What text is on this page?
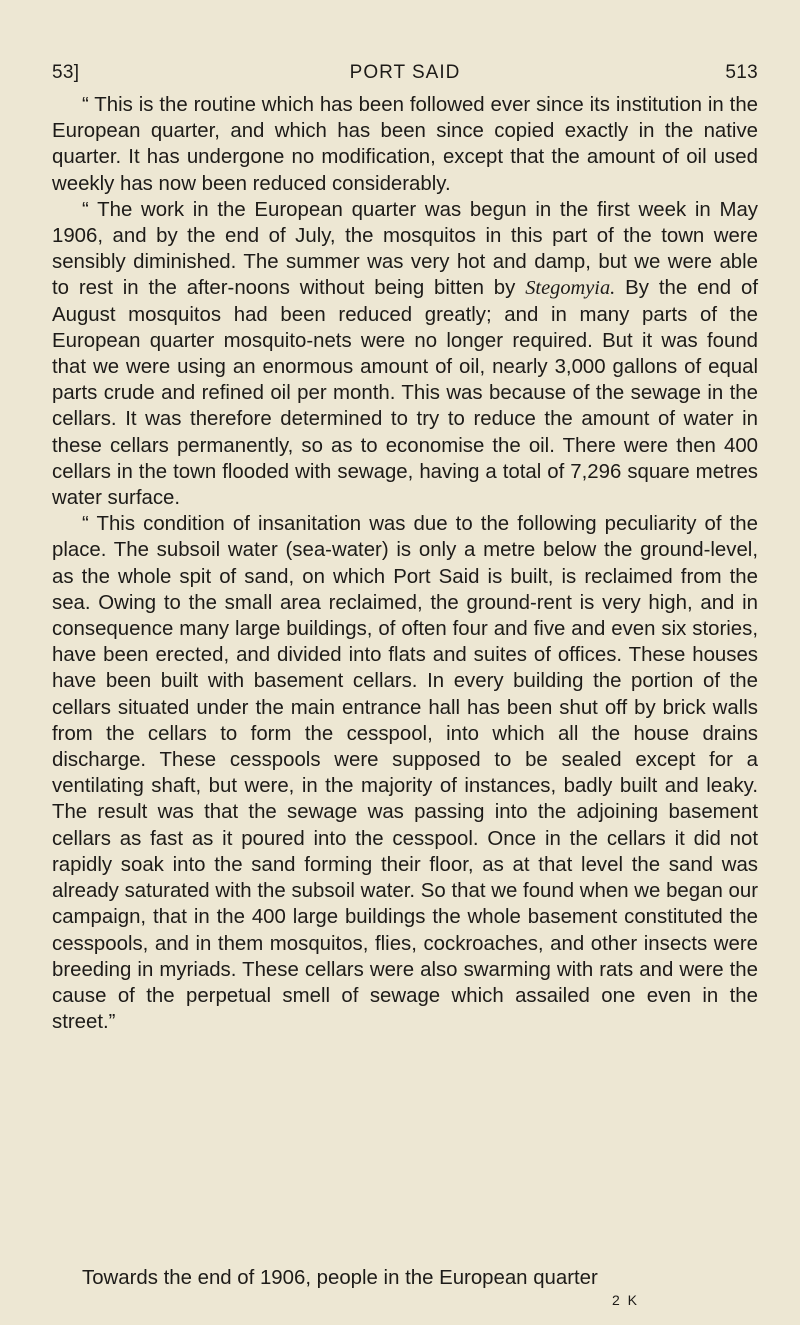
53]	PORT SAID	513

“ This is the routine which has been followed ever since its institution in the European quarter, and which has been since copied exactly in the native quarter. It has undergone no modification, except that the amount of oil used weekly has now been reduced considerably.

“ The work in the European quarter was begun in the first week in May 1906, and by the end of July, the mosquitos in this part of the town were sensibly diminished. The summer was very hot and damp, but we were able to rest in the after-noons without being bitten by Stegomyia. By the end of August mosquitos had been reduced greatly; and in many parts of the European quarter mosquito-nets were no longer required. But it was found that we were using an enormous amount of oil, nearly 3,000 gallons of equal parts crude and refined oil per month. This was because of the sewage in the cellars. It was therefore determined to try to reduce the amount of water in these cellars permanently, so as to economise the oil. There were then 400 cellars in the town flooded with sewage, having a total of 7,296 square metres water surface.

“ This condition of insanitation was due to the following peculiarity of the place. The subsoil water (sea-water) is only a metre below the ground-level, as the whole spit of sand, on which Port Said is built, is reclaimed from the sea. Owing to the small area reclaimed, the ground-rent is very high, and in consequence many large buildings, of often four and five and even six stories, have been erected, and divided into flats and suites of offices. These houses have been built with basement cellars. In every building the portion of the cellars situated under the main entrance hall has been shut off by brick walls from the cellars to form the cesspool, into which all the house drains discharge. These cesspools were supposed to be sealed except for a ventilating shaft, but were, in the majority of instances, badly built and leaky. The result was that the sewage was passing into the adjoining basement cellars as fast as it poured into the cesspool. Once in the cellars it did not rapidly soak into the sand forming their floor, as at that level the sand was already saturated with the subsoil water. So that we found when we began our campaign, that in the 400 large buildings the whole basement constituted the cesspools, and in them mosquitos, flies, cockroaches, and other insects were breeding in myriads. These cellars were also swarming with rats and were the cause of the perpetual smell of sewage which assailed one even in the street.”

Towards the end of 1906, people in the European quarter
2 K
